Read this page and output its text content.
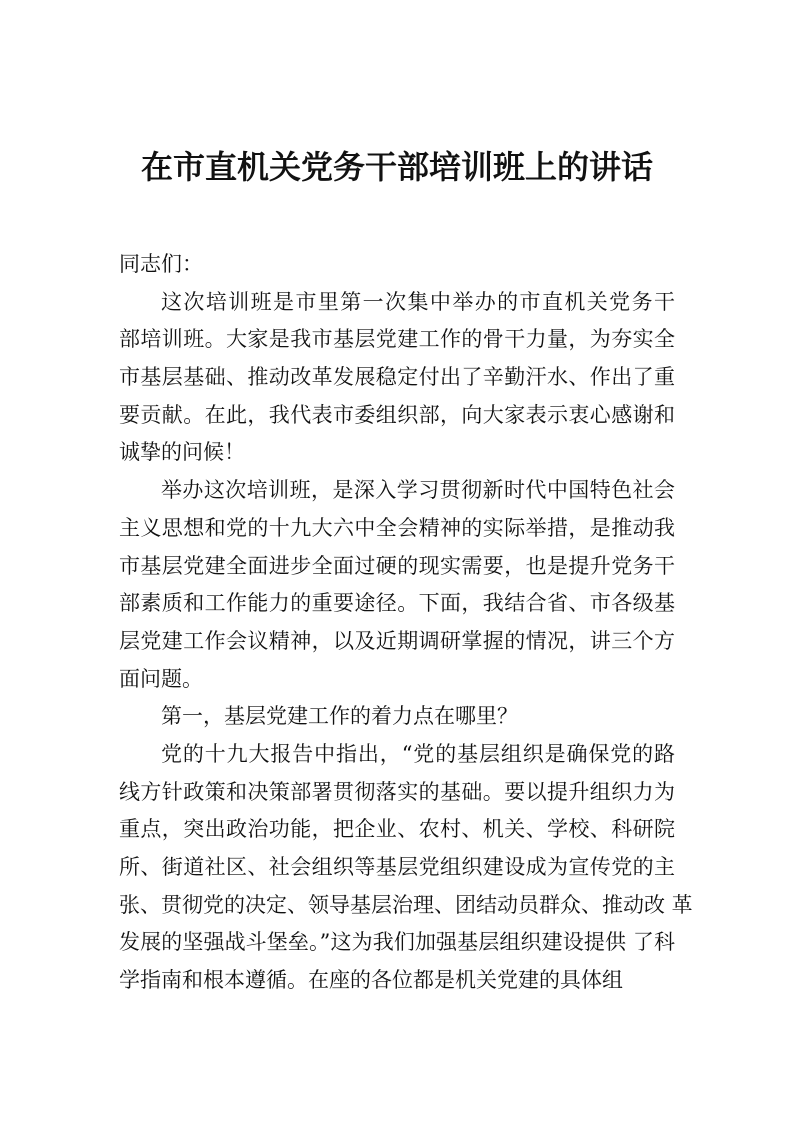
在市直机关党务干部培训班上的讲话

同志们：

这次培训班是市里第一次集中举办的市直机关党务干
部培训班。大家是我市基层党建工作的骨干力量，为夯实全
市基层基础、推动改革发展稳定付出了辛勤汗水、作出了重
要贡献。在此，我代表市委组织部，向大家表示衷心感谢和
诚挚的问候！

举办这次培训班，是深入学习贯彻新时代中国特色社会
主义思想和党的十九大六中全会精神的实际举措，是推动我
市基层党建全面进步全面过硬的现实需要，也是提升党务干
部素质和工作能力的重要途径。下面，我结合省、市各级基
层党建工作会议精神，以及近期调研掌握的情况，讲三个方
面问题。

第一，基层党建工作的着力点在哪里？

党的十九大报告中指出，“党的基层组织是确保党的路
线方针政策和决策部署贯彻落实的基础。要以提升组织力为
重点，突出政治功能，把企业、农村、机关、学校、科研院
所、街道社区、社会组织等基层党组织建设成为宣传党的主
张、贯彻党的决定、领导基层治理、团结动员群众、推动改 革
发展的坚强战斗堡垒。”这为我们加强基层组织建设提供 了科
学指南和根本遵循。在座的各位都是机关党建的具体组
